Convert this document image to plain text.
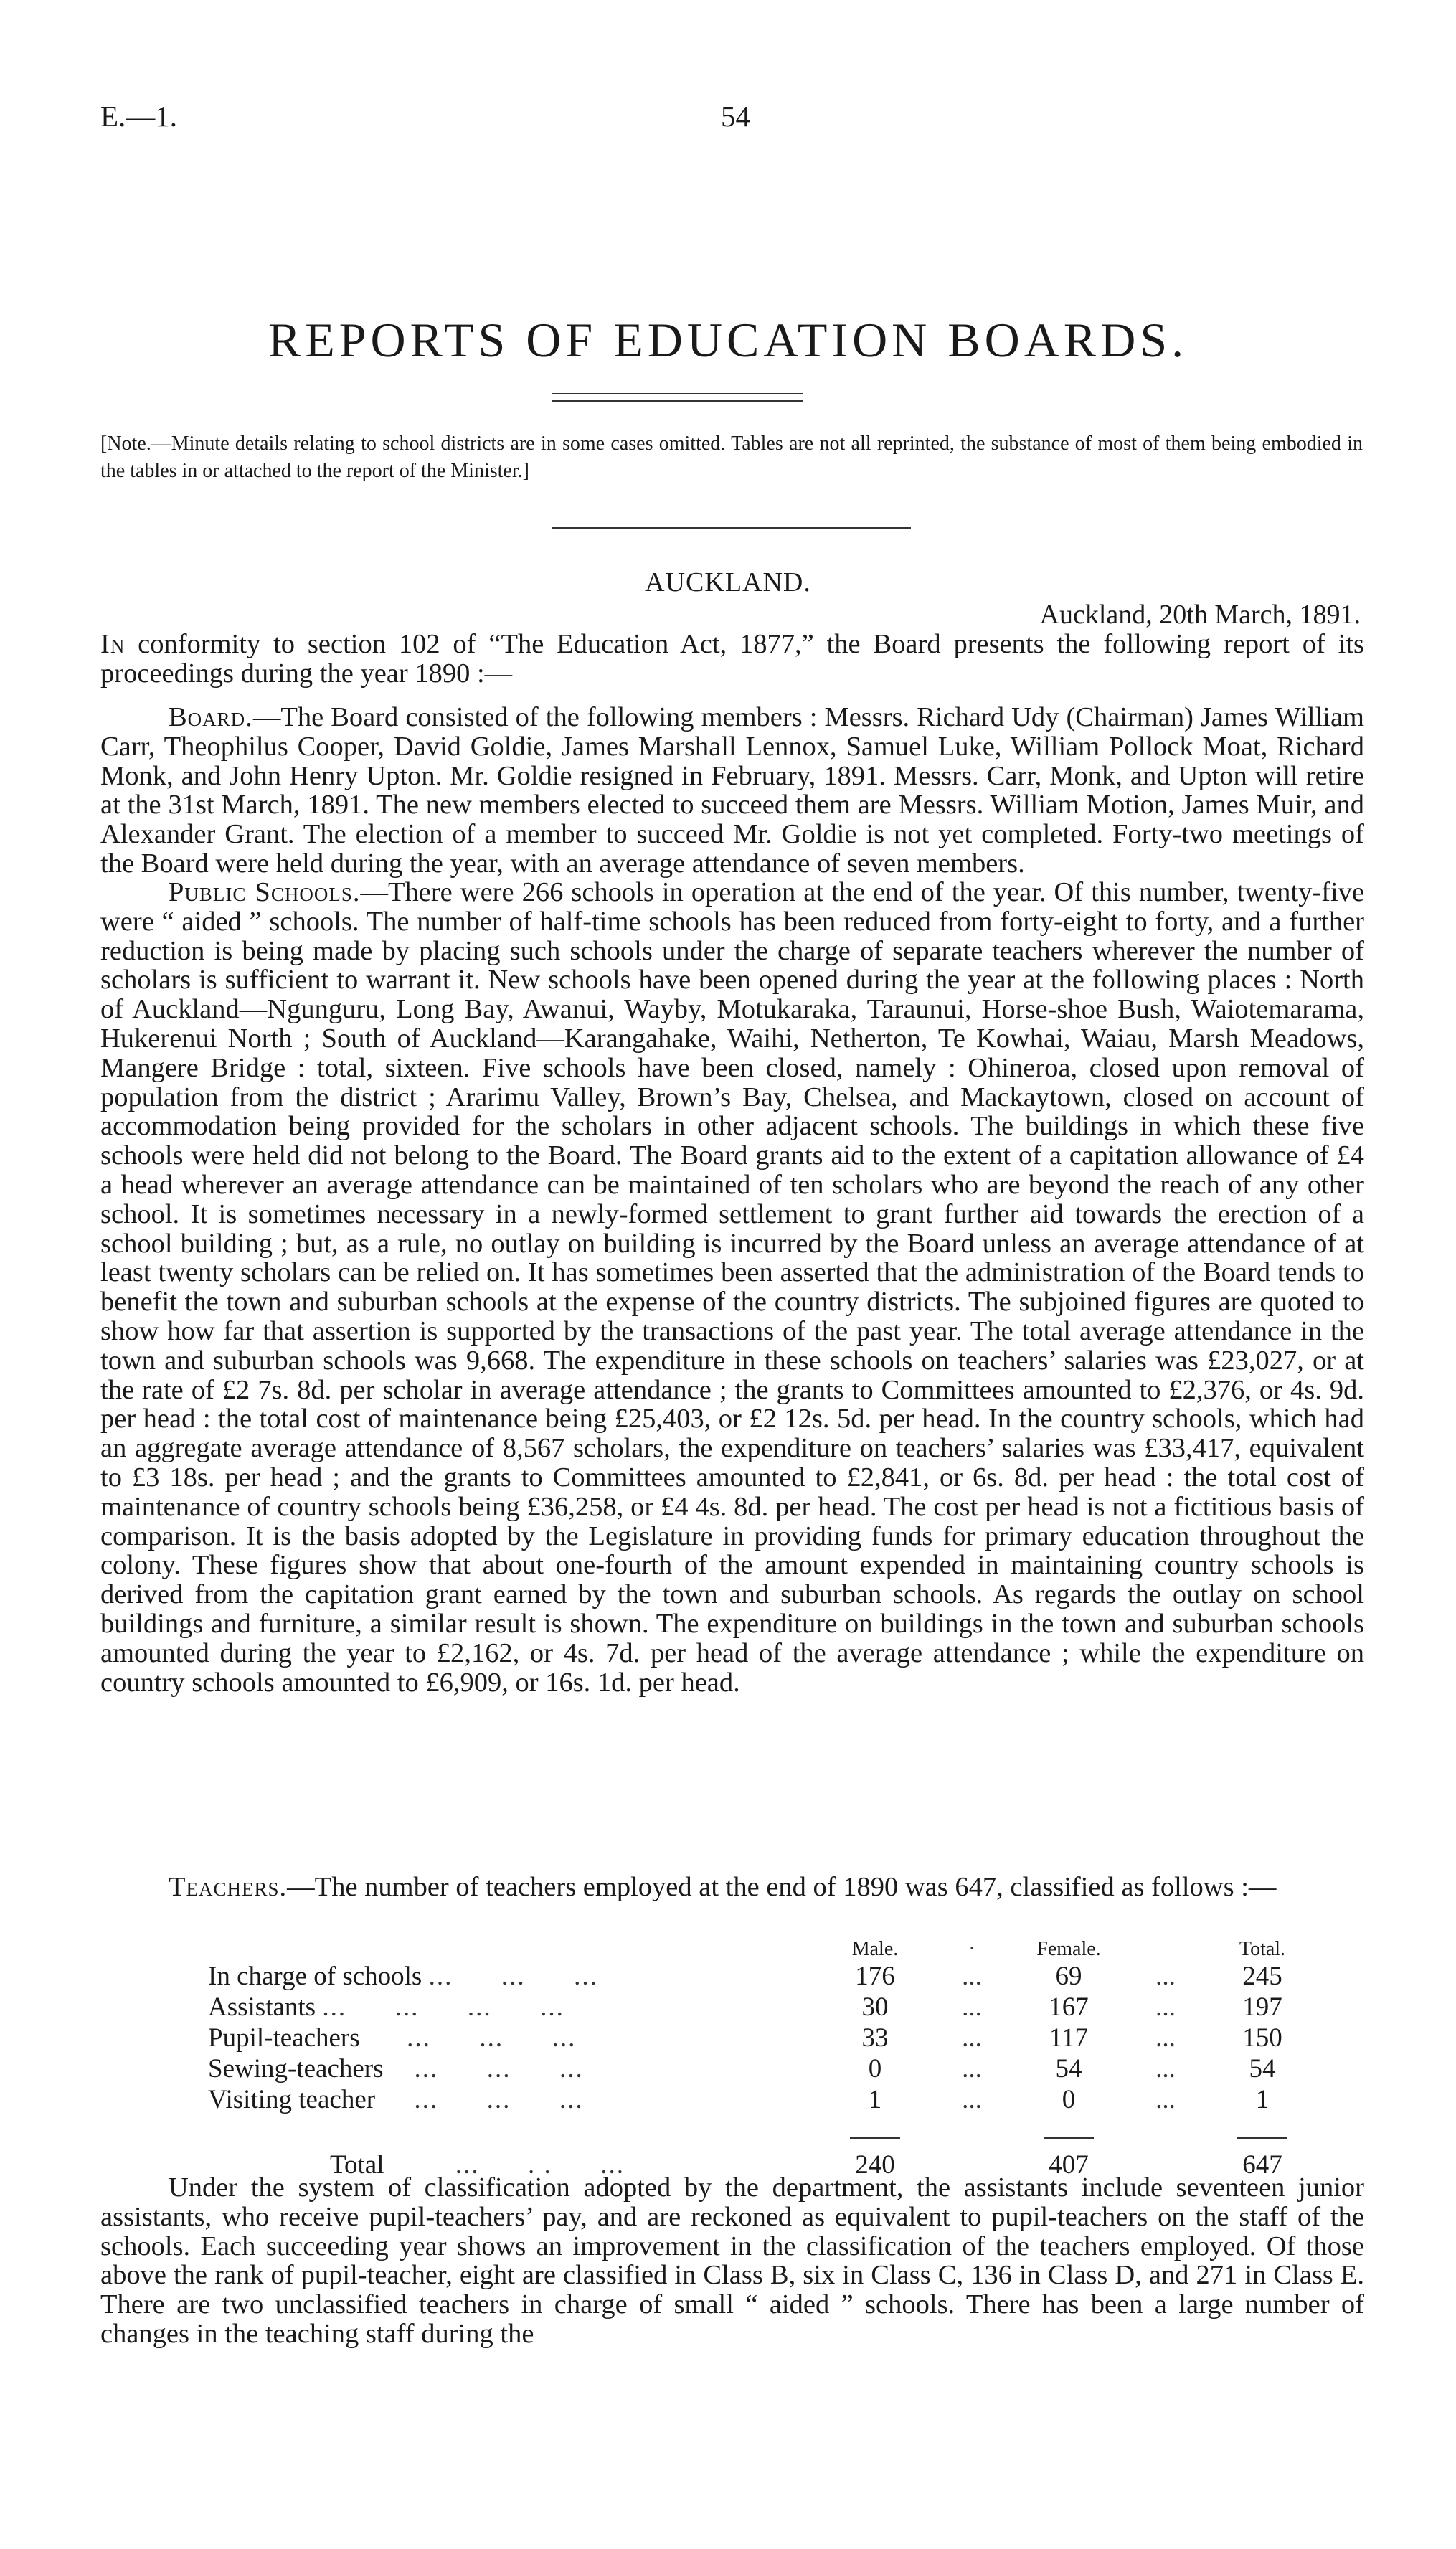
E.—1.	54
REPORTS OF EDUCATION BOARDS.
[Note.—Minute details relating to school districts are in some cases omitted. Tables are not all reprinted, the substance of most of them being embodied in the tables in or attached to the report of the Minister.]
AUCKLAND.
Auckland, 20th March, 1891.
In conformity to section 102 of “The Education Act, 1877,” the Board presents the following report of its proceedings during the year 1890 :—
Board.—The Board consisted of the following members : Messrs. Richard Udy (Chairman) James William Carr, Theophilus Cooper, David Goldie, James Marshall Lennox, Samuel Luke, William Pollock Moat, Richard Monk, and John Henry Upton. Mr. Goldie resigned in February, 1891. Messrs. Carr, Monk, and Upton will retire at the 31st March, 1891. The new members elected to succeed them are Messrs. William Motion, James Muir, and Alexander Grant. The election of a member to succeed Mr. Goldie is not yet completed. Forty-two meetings of the Board were held during the year, with an average attendance of seven members.
Public Schools.—There were 266 schools in operation at the end of the year. Of this number, twenty-five were “ aided ” schools. The number of half-time schools has been reduced from forty-eight to forty, and a further reduction is being made by placing such schools under the charge of separate teachers wherever the number of scholars is sufficient to warrant it. New schools have been opened during the year at the following places : North of Auckland—Ngunguru, Long Bay, Awanui, Wayby, Motukaraka, Taraunui, Horse-shoe Bush, Waiotemarama, Hukerenui North ; South of Auckland—Karangahake, Waihi, Netherton, Te Kowhai, Waiau, Marsh Meadows, Mangere Bridge : total, sixteen. Five schools have been closed, namely : Ohineroa, closed upon removal of population from the district ; Ararimu Valley, Brown’s Bay, Chelsea, and Mackaytown, closed on account of accommodation being provided for the scholars in other adjacent schools. The buildings in which these five schools were held did not belong to the Board. The Board grants aid to the extent of a capitation allowance of £4 a head wherever an average attendance can be maintained of ten scholars who are beyond the reach of any other school. It is sometimes necessary in a newly-formed settlement to grant further aid towards the erection of a school building ; but, as a rule, no outlay on building is incurred by the Board unless an average attendance of at least twenty scholars can be relied on. It has sometimes been asserted that the administration of the Board tends to benefit the town and suburban schools at the expense of the country districts. The subjoined figures are quoted to show how far that assertion is supported by the transactions of the past year. The total average attendance in the town and suburban schools was 9,668. The expenditure in these schools on teachers’ salaries was £23,027, or at the rate of £2 7s. 8d. per scholar in average attendance ; the grants to Committees amounted to £2,376, or 4s. 9d. per head : the total cost of maintenance being £25,403, or £2 12s. 5d. per head. In the country schools, which had an aggregate average attendance of 8,567 scholars, the expenditure on teachers’ salaries was £33,417, equivalent to £3 18s. per head ; and the grants to Committees amounted to £2,841, or 6s. 8d. per head : the total cost of maintenance of country schools being £36,258, or £4 4s. 8d. per head. The cost per head is not a fictitious basis of comparison. It is the basis adopted by the Legislature in providing funds for primary education throughout the colony. These figures show that about one-fourth of the amount expended in maintaining country schools is derived from the capitation grant earned by the town and suburban schools. As regards the outlay on school buildings and furniture, a similar result is shown. The expenditure on buildings in the town and suburban schools amounted during the year to £2,162, or 4s. 7d. per head of the average attendance ; while the expenditure on country schools amounted to £6,909, or 16s. 1d. per head.
Teachers.—The number of teachers employed at the end of 1890 was 647, classified as follows :—
	Male.	·	Female.		Total.
In charge of schools ...      ...      ...	176	...	69	...	245
Assistants ...      ...      ...      ...	30	...	167	...	197
Pupil-teachers      ...      ...      ...	33	...	117	...	150
Sewing-teachers    ...      ...      ...	0	...	54	...	54
Visiting teacher     ...      ...      ...	1	...	0	...	1

Total         ...      . .      ...	240		407		647
Under the system of classification adopted by the department, the assistants include seventeen junior assistants, who receive pupil-teachers’ pay, and are reckoned as equivalent to pupil-teachers on the staff of the schools. Each succeeding year shows an improvement in the classification of the teachers employed. Of those above the rank of pupil-teacher, eight are classified in Class B, six in Class C, 136 in Class D, and 271 in Class E. There are two unclassified teachers in charge of small “ aided ” schools. There has been a large number of changes in the teaching staff during the
